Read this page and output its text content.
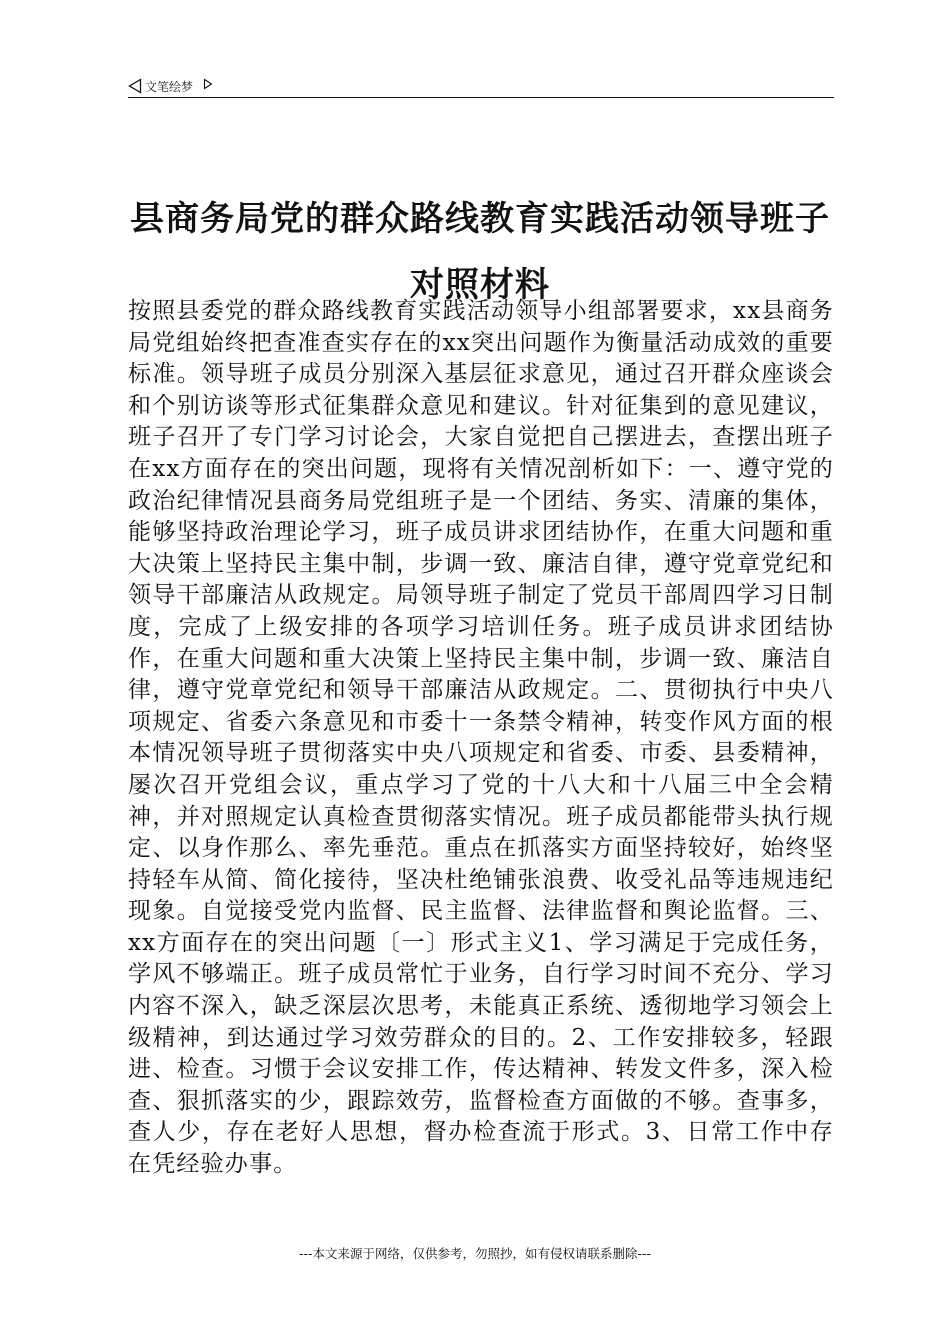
文笔绘梦
县商务局党的群众路线教育实践活动领导班子
对照材料

按照县委党的群众路线教育实践活动领导小组部署要求，xx县商务局党组始终把查准查实存在的xx突出问题作为衡量活动成效的重要标准。领导班子成员分别深入基层征求意见，通过召开群众座谈会和个别访谈等形式征集群众意见和建议。针对征集到的意见建议，班子召开了专门学习讨论会，大家自觉把自己摆进去，查摆出班子在xx方面存在的突出问题，现将有关情况剖析如下：一、遵守党的政治纪律情况县商务局党组班子是一个团结、务实、清廉的集体，能够坚持政治理论学习，班子成员讲求团结协作，在重大问题和重大决策上坚持民主集中制，步调一致、廉洁自律，遵守党章党纪和领导干部廉洁从政规定。局领导班子制定了党员干部周四学习日制度，完成了上级安排的各项学习培训任务。班子成员讲求团结协作，在重大问题和重大决策上坚持民主集中制，步调一致、廉洁自律，遵守党章党纪和领导干部廉洁从政规定。二、贯彻执行中央八项规定、省委六条意见和市委十一条禁令精神，转变作风方面的根本情况领导班子贯彻落实中央八项规定和省委、市委、县委精神，屡次召开党组会议，重点学习了党的十八大和十八届三中全会精神，并对照规定认真检查贯彻落实情况。班子成员都能带头执行规定、以身作那么、率先垂范。重点在抓落实方面坚持较好，始终坚持轻车从简、简化接待，坚决杜绝铺张浪费、收受礼品等违规违纪现象。自觉接受党内监督、民主监督、法律监督和舆论监督。三、xx方面存在的突出问题〔一〕形式主义1、学习满足于完成任务，学风不够端正。班子成员常忙于业务，自行学习时间不充分、学习内容不深入，缺乏深层次思考，未能真正系统、透彻地学习领会上级精神，到达通过学习效劳群众的目的。2、工作安排较多，轻跟进、检查。习惯于会议安排工作，传达精神、转发文件多，深入检查、狠抓落实的少，跟踪效劳，监督检查方面做的不够。查事多，查人少，存在老好人思想，督办检查流于形式。3、日常工作中存在凭经验办事。

---本文来源于网络，仅供参考，勿照抄，如有侵权请联系删除---
